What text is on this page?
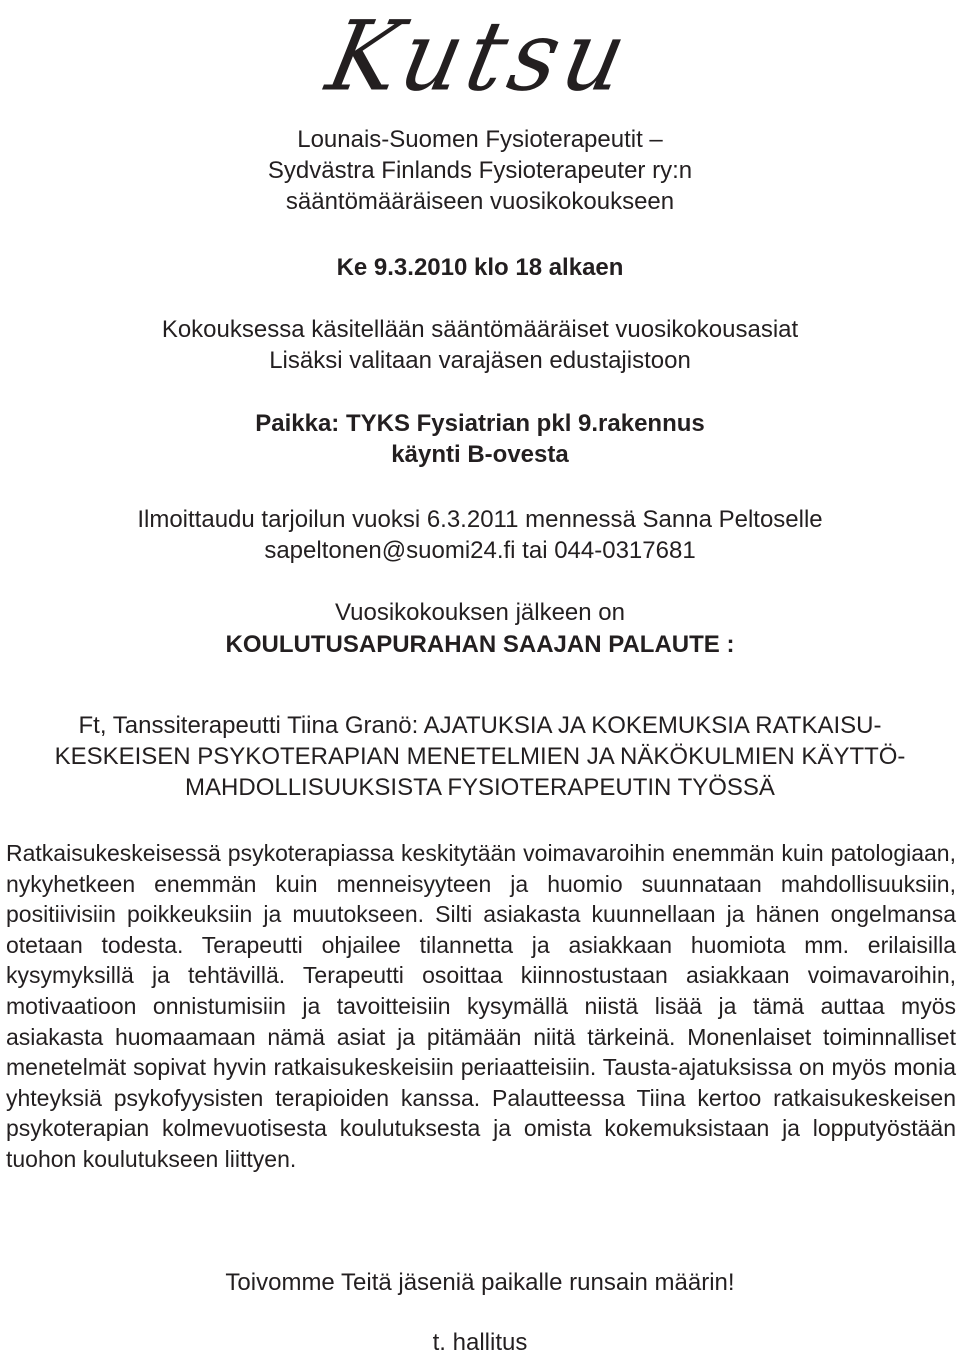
Kutsu
Lounais-Suomen Fysioterapeutit –
Sydvästra Finlands Fysioterapeuter ry:n
sääntömääräiseen vuosikokoukseen
Ke 9.3.2010 klo 18 alkaen
Kokouksessa käsitellään sääntömääräiset vuosikokousasiat
Lisäksi valitaan varajäsen edustajistoon
Paikka: TYKS Fysiatrian pkl 9.rakennus
käynti B-ovesta
Ilmoittaudu tarjoilun vuoksi 6.3.2011 mennessä Sanna Peltoselle
sapeltonen@suomi24.fi tai 044-0317681
Vuosikokouksen jälkeen on
KOULUTUSAPURAHAN SAAJAN PALAUTE :
Ft, Tanssiterapeutti Tiina Granö: AJATUKSIA JA KOKEMUKSIA RATKAISU-
KESKEISEN PSYKOTERAPIAN MENETELMIEN JA NÄKÖKULMIEN KÄYTTÖ-
MAHDOLLISUUKSISTA FYSIOTERAPEUTIN TYÖSSÄ

Ratkaisukeskeisessä psykoterapiassa keskitytään voimavaroihin enemmän kuin patologiaan, nykyhetkeen enemmän kuin menneisyyteen ja huomio suunnataan mahdollisuuksiin, positiivisiin poikkeuksiin ja muutokseen. Silti asiakasta kuunnellaan ja hänen ongelmansa otetaan todesta. Terapeutti ohjailee tilannetta ja asiakkaan huomiota mm. erilaisilla kysymyksillä ja tehtävillä. Terapeutti osoittaa kiinnostustaan asiakkaan voimavaroihin, motivaatioon onnistumisiin ja tavoitteisiin kysymällä niistä lisää ja tämä auttaa myös asiakasta huomaamaan nämä asiat ja pitämään niitä tärkeinä. Monenlaiset toiminnalliset menetelmät sopivat hyvin ratkaisukeskeisiin periaatteisiin. Tausta-ajatuksissa on myös monia yhteyksiä psykofyysisten terapioiden kanssa. Palautteessa Tiina kertoo ratkaisukeskeisen psykoterapian kolmevuotisesta koulutuksesta ja omista kokemuksistaan ja lopputyöstään tuohon koulutukseen liittyen.

Toivomme Teitä jäseniä paikalle runsain määrin!
t. hallitus
